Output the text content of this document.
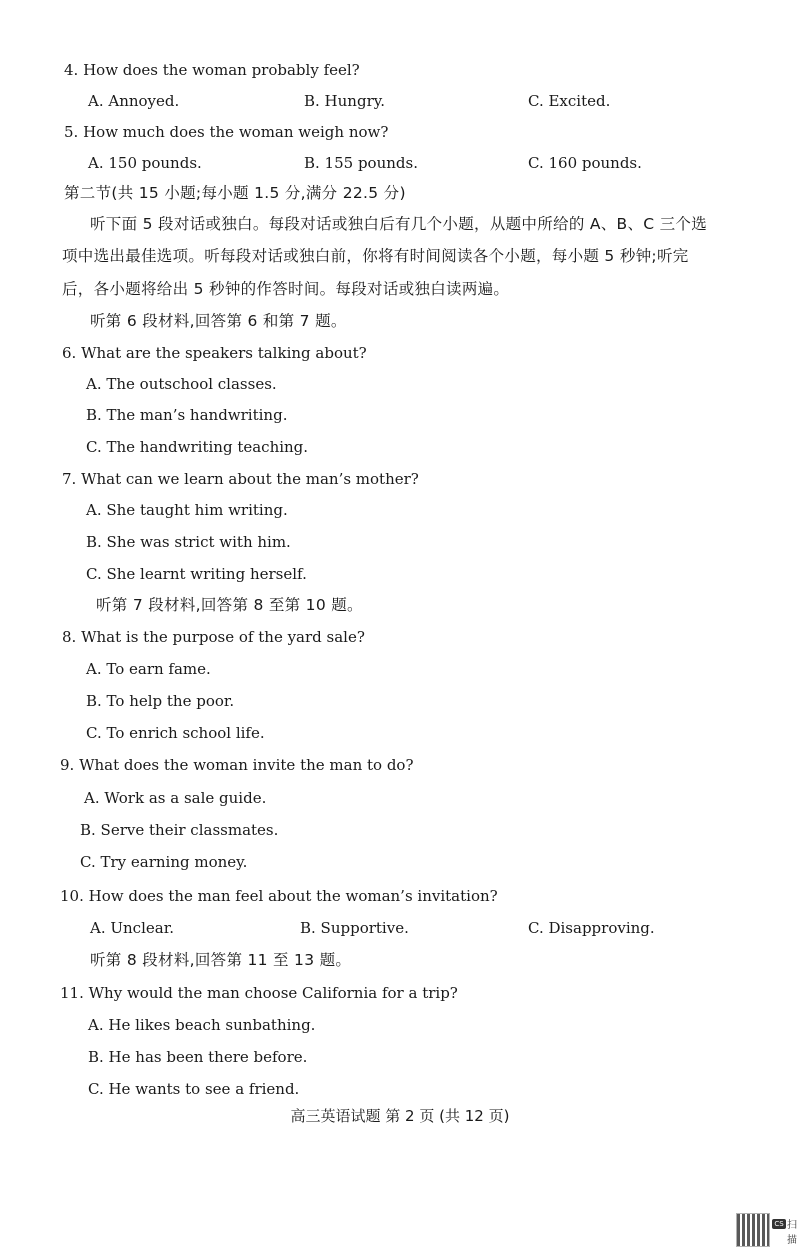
4. How does the woman probably feel?
A. Annoyed.	B. Hungry.	C. Excited.
5. How much does the woman weigh now?
A. 150 pounds.	B. 155 pounds.	C. 160 pounds.
第二节(共 15 小题;每小题 1.5 分,满分 22.5 分)
听下面 5 段对话或独白。每段对话或独白后有几个小题，从题中所给的 A、B、C 三个选
项中选出最佳选项。听每段对话或独白前，你将有时间阅读各个小题，每小题 5 秒钟;听完
后，各小题将给出 5 秒钟的作答时间。每段对话或独白读两遍。
听第 6 段材料,回答第 6 和第 7 题。
6. What are the speakers talking about?
A. The outschool classes.
B. The man’s handwriting.
C. The handwriting teaching.
7. What can we learn about the man’s mother?
A. She taught him writing.
B. She was strict with him.
C. She learnt writing herself.
听第 7 段材料,回答第 8 至第 10 题。
8. What is the purpose of the yard sale?
A. To earn fame.
B. To help the poor.
C. To enrich school life.
9. What does the woman invite the man to do?
A. Work as a sale guide.
B. Serve their classmates.
C. Try earning money.
10. How does the man feel about the woman’s invitation?
A. Unclear.	B. Supportive.	C. Disapproving.
听第 8 段材料,回答第 11 至 13 题。
11. Why would the man choose California for a trip?
A. He likes beach sunbathing.
B. He has been there before.
C. He wants to see a friend.
高三英语试题 第 2 页 (共 12 页)
CS 扫描
